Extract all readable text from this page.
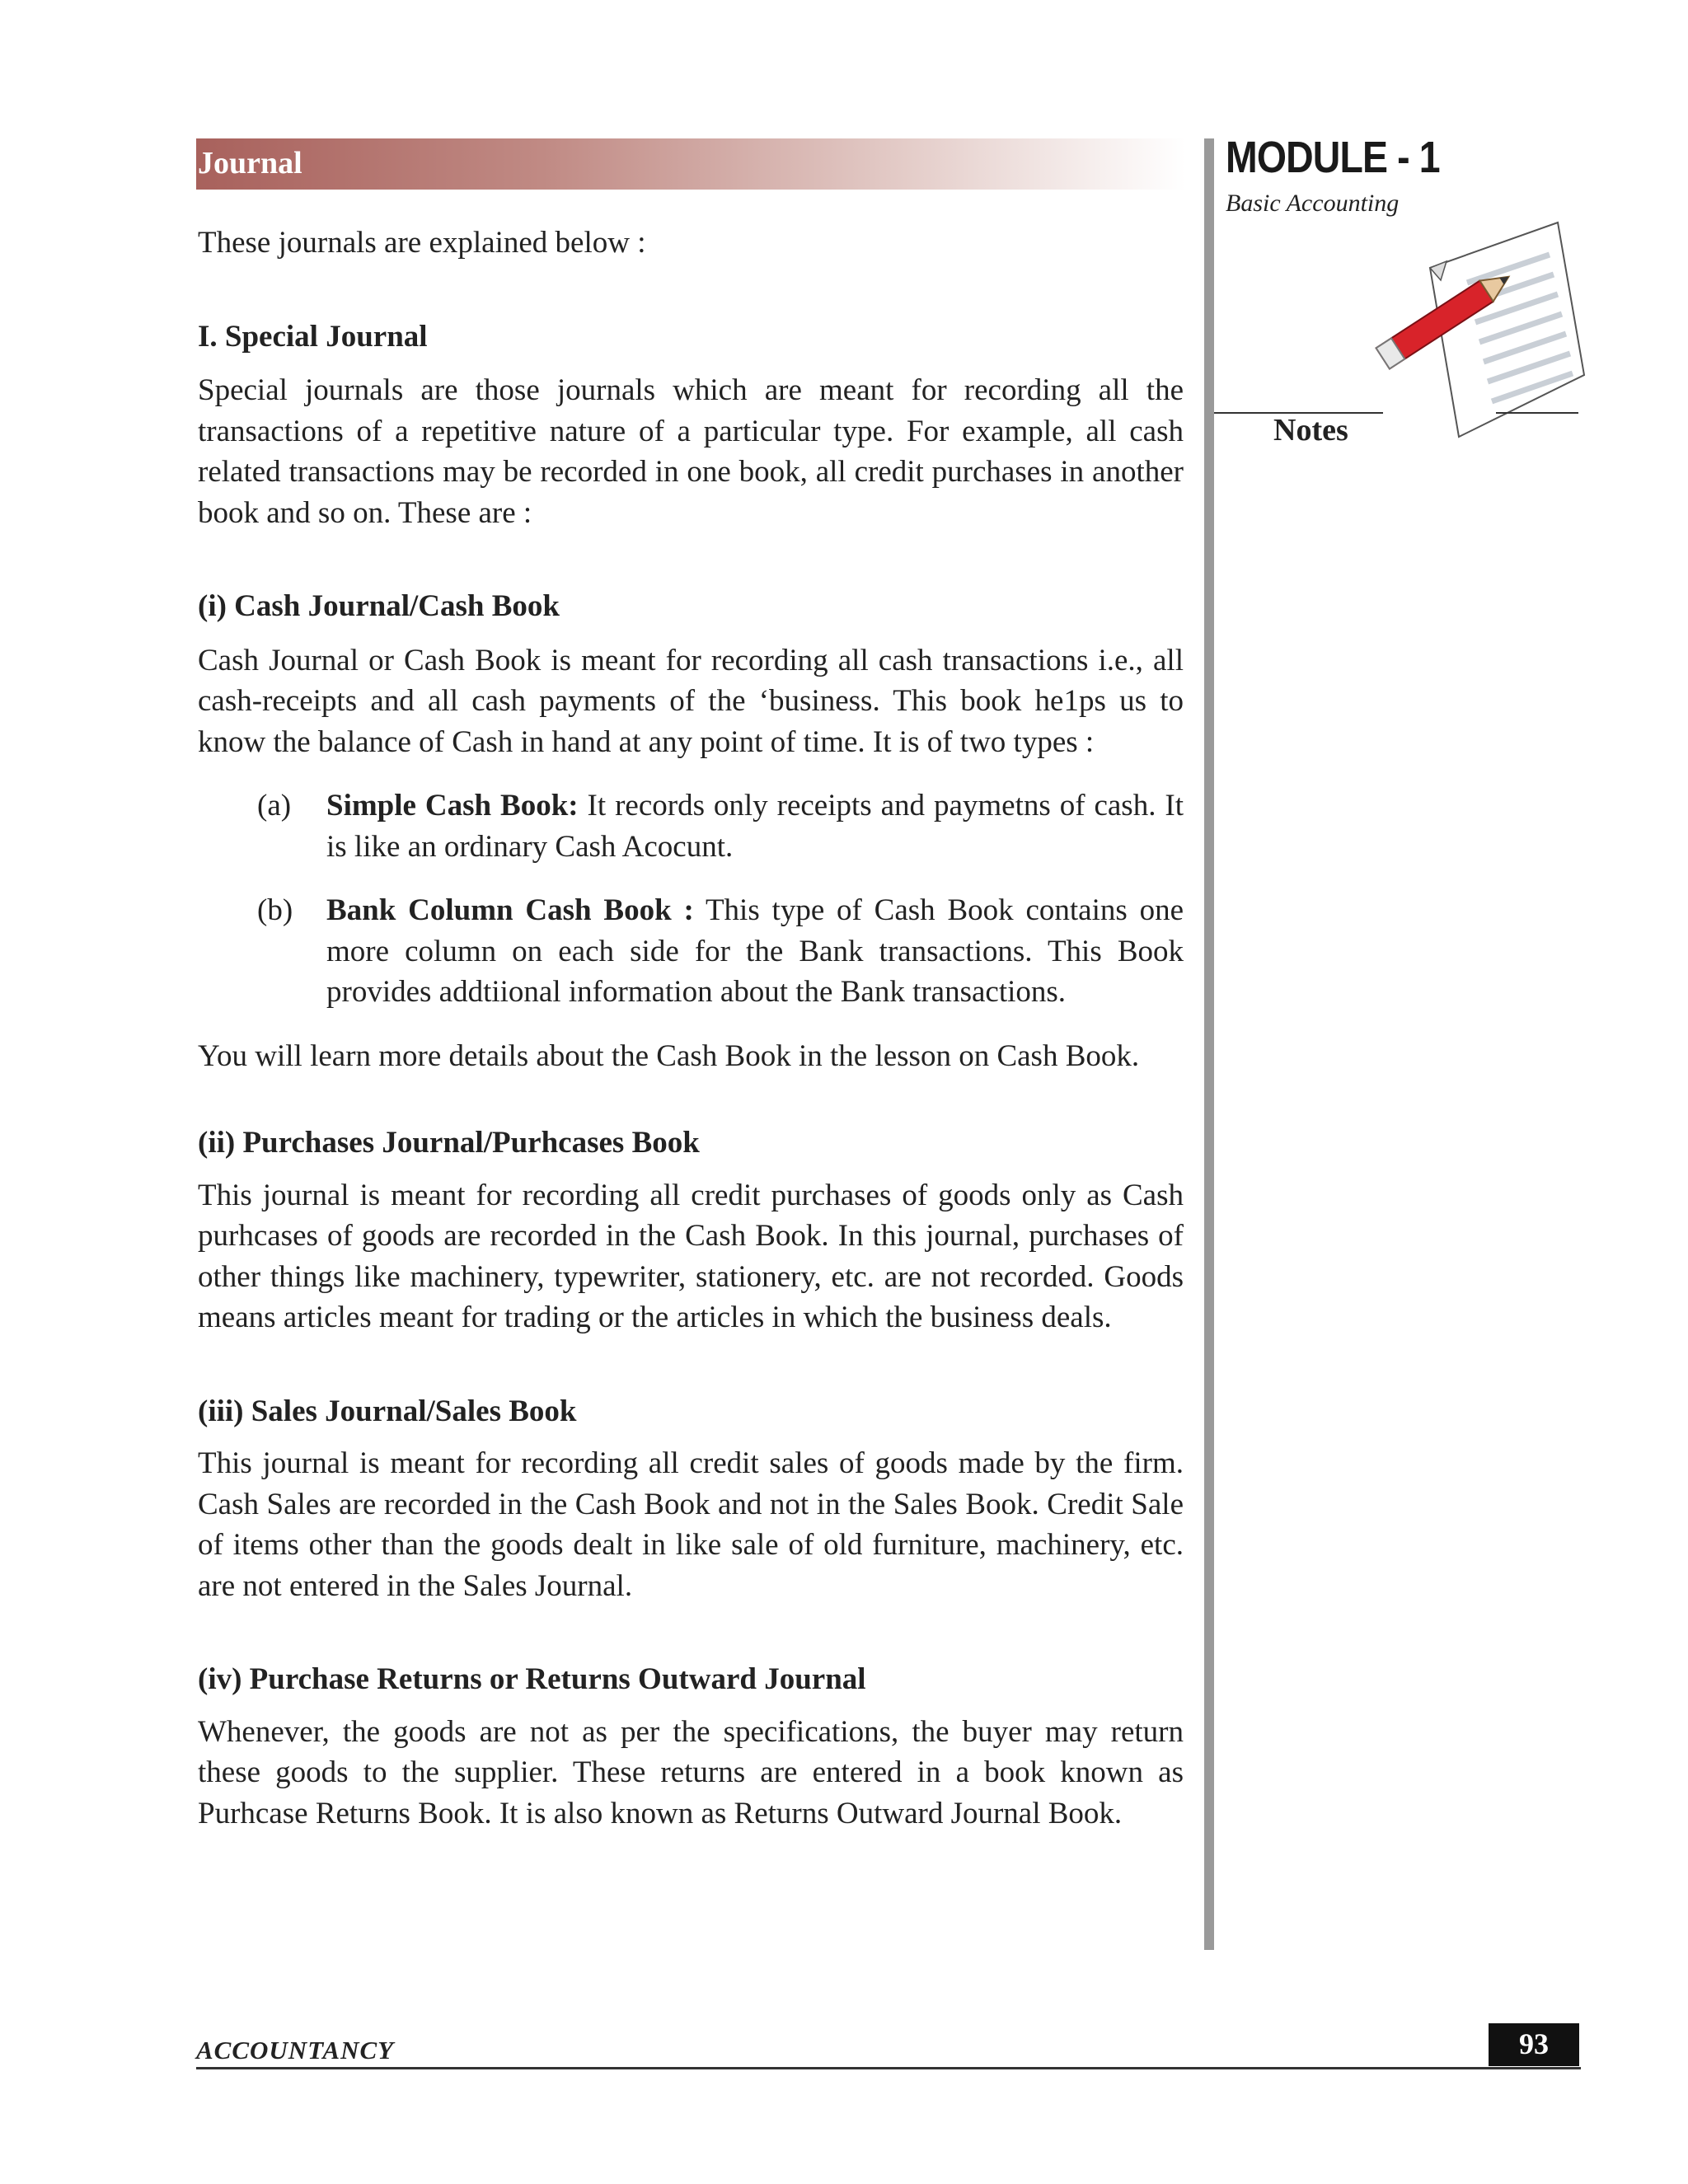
Journal	MODULE - 1
Basic Accounting
Notes

These journals are explained below :

I. Special Journal

Special journals are those journals which are meant for recording all the transactions of a repetitive nature of a particular type. For example, all cash related transactions may be recorded in one book, all credit purchases in another book and so on. These are :

(i) Cash Journal/Cash Book

Cash Journal or Cash Book is meant for recording all cash transactions i.e., all cash-receipts and all cash payments of the ‘business. This book he1ps us to know the balance of Cash in hand at any point of time. It is of two types :

(a) Simple Cash Book: It records only receipts and paymetns of cash. It is like an ordinary Cash Acocunt.

(b) Bank Column Cash Book : This type of Cash Book contains one more column on each side for the Bank transactions. This Book provides addtiional information about the Bank transactions.

You will learn more details about the Cash Book in the lesson on Cash Book.

(ii) Purchases Journal/Purhcases Book

This journal is meant for recording all credit purchases of goods only as Cash purhcases of goods are recorded in the Cash Book. In this journal, purchases of other things like machinery, typewriter, stationery, etc. are not recorded. Goods means articles meant for trading or the articles in which the business deals.

(iii) Sales Journal/Sales Book

This journal is meant for recording all credit sales of goods made by the firm. Cash Sales are recorded in the Cash Book and not in the Sales Book. Credit Sale of items other than the goods dealt in like sale of old furniture, machinery, etc. are not entered in the Sales Journal.

(iv) Purchase Returns or Returns Outward Journal

Whenever, the goods are not as per the specifications, the buyer may return these goods to the supplier. These returns are entered in a book known as Purhcase Returns Book. It is also known as Returns Outward Journal Book.

ACCOUNTANCY	93
